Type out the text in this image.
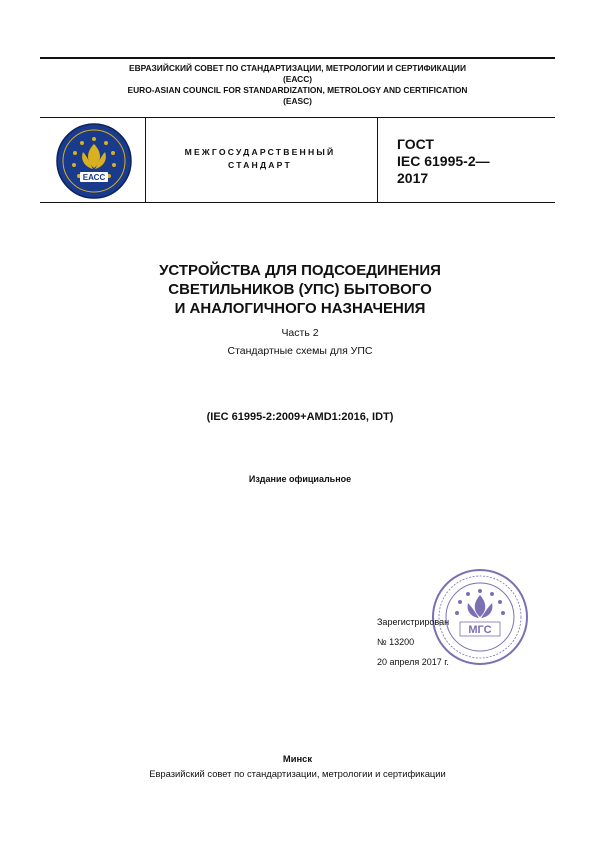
ЕВРАЗИЙСКИЙ СОВЕТ ПО СТАНДАРТИЗАЦИИ, МЕТРОЛОГИИ И СЕРТИФИКАЦИИ
(ЕАСС)
EURO-ASIAN COUNCIL FOR STANDARDIZATION, METROLOGY AND CERTIFICATION
(EASC)
ЕАСС
МЕЖГОСУДАРСТВЕННЫЙ
СТАНДАРТ
ГОСТ
IEC 61995-2—
2017
УСТРОЙСТВА ДЛЯ ПОДСОЕДИНЕНИЯ
СВЕТИЛЬНИКОВ (УПС) БЫТОВОГО
И АНАЛОГИЧНОГО НАЗНАЧЕНИЯ
Часть 2
Стандартные схемы для УПС
(IEC 61995-2:2009+AMD1:2016, IDT)
Издание официальное
МГС
Зарегистрирован
№ 13200
20 апреля 2017 г.
Минск
Евразийский совет по стандартизации, метрологии и сертификации
